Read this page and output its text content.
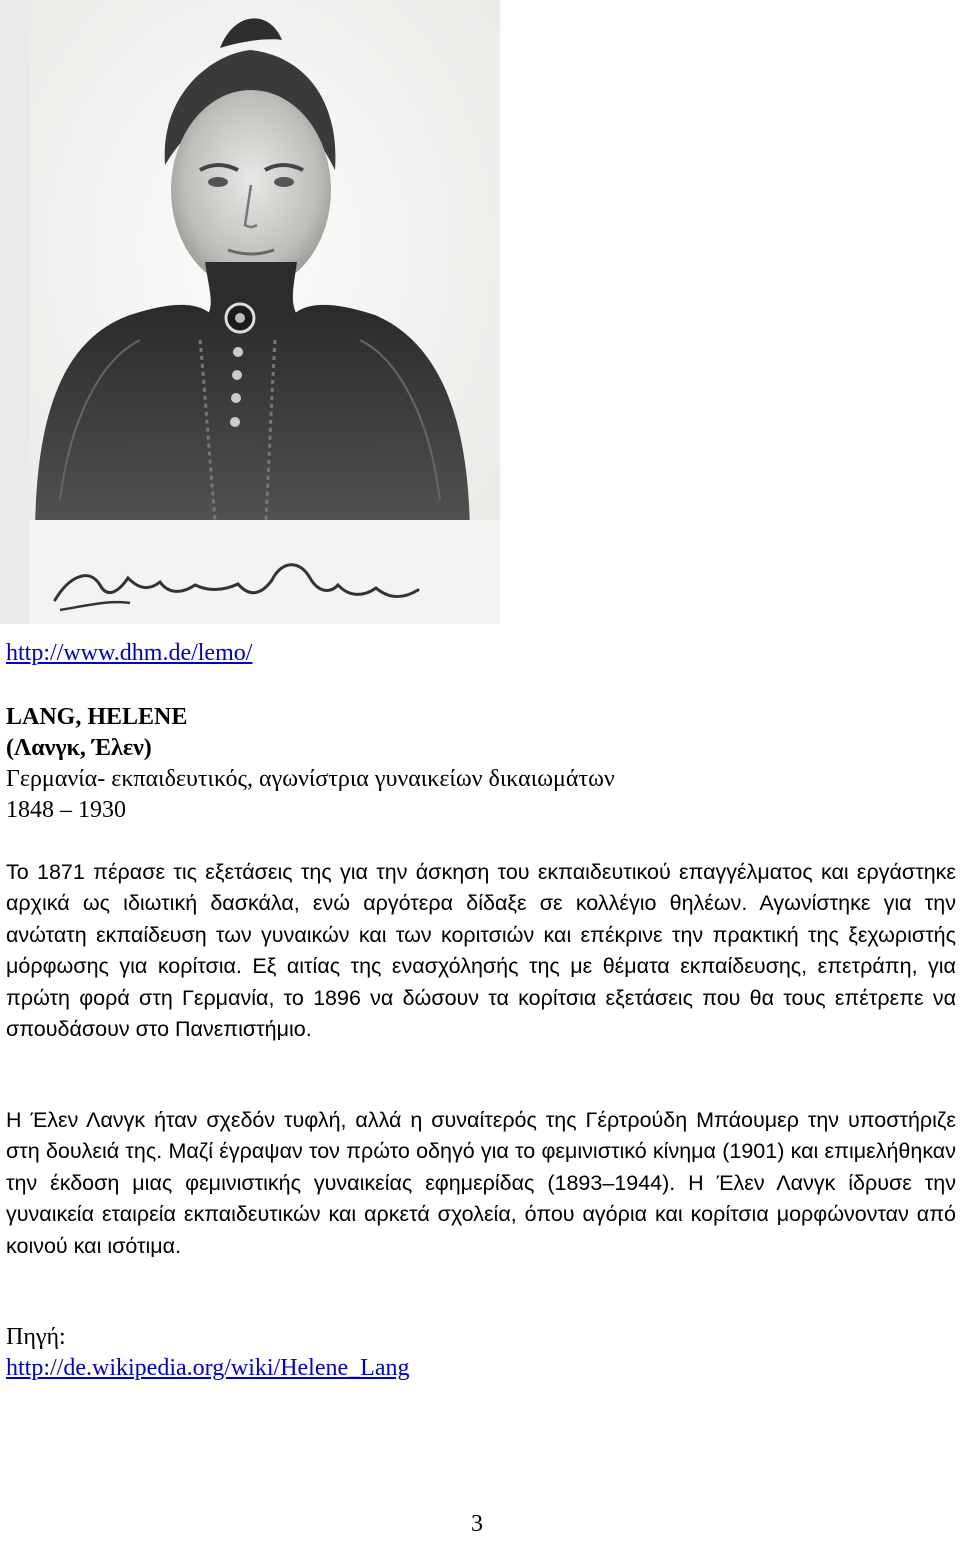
http://www.dhm.de/lemo/
LANG, HELENE
(Λανγκ, Έλεν)
Γερμανία- εκπαιδευτικός, αγωνίστρια γυναικείων δικαιωμάτων
1848 – 1930

Το 1871 πέρασε τις εξετάσεις της για την άσκηση του εκπαιδευτικού επαγγέλματος και εργάστηκε αρχικά ως ιδιωτική δασκάλα, ενώ αργότερα δίδαξε σε κολλέγιο θηλέων. Αγωνίστηκε για την ανώτατη εκπαίδευση των γυναικών και των κοριτσιών και επέκρινε την πρακτική της ξεχωριστής μόρφωσης για κορίτσια. Εξ αιτίας της ενασχόλησής της με θέματα εκπαίδευσης, επετράπη, για πρώτη φορά στη Γερμανία, το 1896 να δώσουν τα κορίτσια εξετάσεις που θα τους επέτρεπε να σπουδάσουν στο Πανεπιστήμιο.

Η Έλεν Λανγκ ήταν σχεδόν τυφλή, αλλά η συναίτερός της Γέρτρούδη Μπάουμερ την υποστήριζε στη δουλειά της. Μαζί έγραψαν τον πρώτο οδηγό για το φεμινιστικό κίνημα (1901) και επιμελήθηκαν την έκδοση μιας φεμινιστικής γυναικείας εφημερίδας (1893–1944). Η Έλεν Λανγκ ίδρυσε την γυναικεία εταιρεία εκπαιδευτικών και αρκετά σχολεία, όπου αγόρια και κορίτσια μορφώνονταν από κοινού και ισότιμα.

Πηγή:
http://de.wikipedia.org/wiki/Helene_Lang
3
